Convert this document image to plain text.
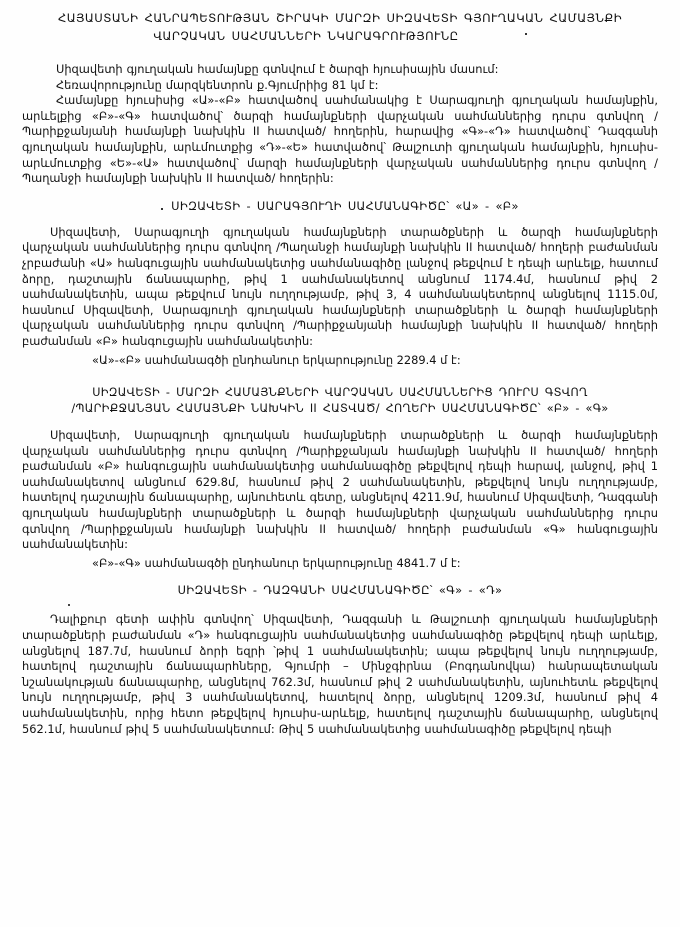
ՀԱՅԱՍՏԱՆԻ ՀԱՆՐԱՊԵՏՈՒԹՅԱՆ ՇԻՐԱԿԻ ՄԱՐԶԻ ՍԻԶԱՎԵՏԻ ԳՅՈՒՂԱԿԱՆ ՀԱՄԱՅՆՔԻ
ՎԱՐՉԱԿԱՆ ՍԱՀՄԱՆՆԵՐԻ ՆԿԱՐԱԳՐՈՒԹՅՈՒՆԸ

Սիզավետի գյուղական համայնքը գտնվում է ծարզի հյուսիսային մասում:

Հեռավորությունը մարզկենտրոն ք.Գյումրիից 81 կմ է:

Համայնքը հյուսիսից «Ա»-«Բ» հատվածով սահմանակից է Սարագյուղի գյուղական համայնքին, արևելքից «Բ»-«Գ» հատվածով՝ ծարզի համայնքների վարչական սահմաններից դուրս գտնվող /Պարիքջանյանի համայնքի նախկին II հատված/ հողերին, հարավից «Գ»-«Դ» հատվածով՝ Դազգանի գյուղական համայնքին, արևմուտքից «Դ»-«Ե» հատվածով՝ Թալշուտի գյուղական համայնքին, հյուսիս-արևմուտքից «Ե»-«Ա» հատվածով՝ մարզի համայնքների վարչական սահմաններից դուրս գտնվող /Պաղանջի համայնքի նախկին II հատված/ հողերին:

ՍԻԶԱՎԵՏԻ - ՍԱՐԱԳՅՈՒՂԻ ՍԱՀՄԱՆԱԳԻԾԸ՝ «Ա» - «Բ»

Սիզավետի, Սարագյուղի գյուղական համայնքների տարածքների և ծարզի համայնքների վարչական սահմաններից դուրս գտնվող /Պաղանջի համայնքի նախկին II հատված/ հողերի բաժանման չրբաժանի «Ա» հանգուցային սահմանակետից սահմանագիծը լանջով թեքվում է դեպի արևելք, հատում ձորը, դաշտային ճանապարհը, թիվ 1 սահմանակետով անցնում 1174.4մ, հասնում թիվ 2 սահմանակետին, ապա թեքվում նույն ուղղությամբ, թիվ 3, 4 սահմանակետերով անցնելով 1115.0մ, հասնում Սիզավետի, Սարագյուղի գյուղական համայնքների տարածքների և ծարզի համայնքների վարչական սահմաններից դուրս գտնվող /Պարիքջանյանի համայնքի նախկին II հատված/ հողերի բաժանման «Բ» հանգուցային սահմանակետին:

«Ա»-«Բ» սահմանագծի ընդհանուր երկարությունը 2289.4 մ է:

ՍԻԶԱՎԵՏԻ - ՄԱՐԶԻ ՀԱՄԱՅՆՔՆԵՐԻ ՎԱՐՉԱԿԱՆ ՍԱՀՄԱՆՆԵՐԻՑ ԴՈՒՐՍ ԳՏՎՈՂ
/ՊԱՐԻՔՋԱՆՅԱՆ ՀԱՄԱՅՆՔԻ ՆԱԽԿԻՆ II ՀԱՏՎԱԾ/ ՀՈՂԵՐԻ ՍԱՀՄԱՆԱԳԻԾԸ՝ «Բ» - «Գ»

Սիզավետի, Սարագյուղի գյուղական համայնքների տարածքների և ծարզի համայնքների վարչական սահմաններից դուրս գտնվող /Պարիքջանյան համայնքի նախկին II հատված/ հողերի բաժանման «Բ» հանգուցային սահմանակետից սահմանագիծը թեքվելով դեպի հարավ, լանջով, թիվ 1 սահմանակետով անցնում 629.8մ, հասնում թիվ 2 սահմանակետին, թեքվելով նույն ուղղությամբ, հատելով դաշտային ճանապարհը, այնուհետև գետը, անցնելով 4211.9մ, հասնում Սիզավետի, Դազգանի գյուղական համայնքների տարածքների և ծարզի համայնքների վարչական սահմաններից դուրս գտնվող /Պարիքջանյան համայնքի նախկին II հատված/ հողերի բաժանման «Գ» հանգուցային սահմանակետին:

«Բ»-«Գ» սահմանագծի ընդհանուր երկարությունը 4841.7 մ է:

ՍԻԶԱՎԵՏԻ - ԴԱԶԳԱՆԻ ՍԱՀՄԱՆԱԳԻԾԸ՝ «Գ» - «Դ»

Դալիքուր գետի ափին գտնվող՝ Սիզավետի, Դազգանի և Թալշուտի գյուղական համայնքների տարածքների բաժանման «Դ» հանգուցային սահմանակետից սահմանագիծը թեքվելով դեպի արևելք, անցնելով 187.7մ, հասնում ձորի եզրի ՝թիվ 1 սահմանակետին; ապա թեքվելով նույն ուղղությամբ, հատելով դաշտային ճանապարհները, Գյումրի – Մինջգիրնա (Բոգդանովկա) հանրապետական նշանակության ճանապարհը, անցնելով 762.3մ, հասնում թիվ 2 սահմանակետին, այնուհետև թեքվելով նույն ուղղությամբ, թիվ 3 սահմանակետով, հատելով ձորը, անցնելով 1209.3մ, հասնում թիվ 4 սահմանակետին, որից հետո թեքվելով հյուսիս-արևելք, հատելով դաշտային ճանապարհը, անցնելով 562.1մ, հասնում թիվ 5 սահմանակետում: Թիվ 5 սահմանակետից սահմանագիծը թեքվելով դեպի
